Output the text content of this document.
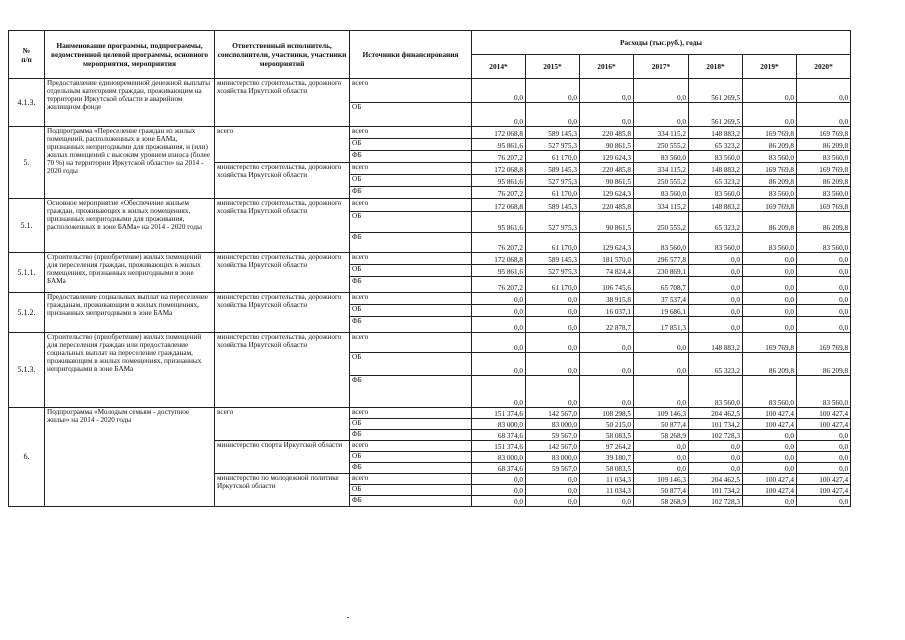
№
п/п	Наименование программы, подпрограммы, ведомственной целевой программы, основного мероприятия, мероприятия	Ответственный исполнитель, соисполнители, участники, участники мероприятий	Источники финансирования	Расходы (тыс.руб.), годы						
				2014*	2015*	2016*	2017*	2018*	2019*	2020*
4.1.3.	Предоставление единовременной денежной выплаты отдельным категориям граждан, проживающим на территории Иркутской области в аварийном жилищном фонде	министерство строительства, дорожного хозяйства Иркутской области	всего	0,0	0,0	0,0	0,0	561 269,5	0,0	0,0
			ОБ	0,0	0,0	0,0	0,0	561 269,5	0,0	0,0
5.	Подпрограмма «Переселение граждан из жилых помещений, расположенных в зоне БАМа, признанных непригодными для проживания, и (или) жилых помещений с высоким уровнем износа (более 70 %) на территории Иркутской области» на 2014 - 2020 годы	всего	всего	172 068,8	589 145,3	220 485,8	334 115,2	148 883,2	169 769,8	169 769,8
			ОБ	95 861,6	527 975,3	90 861,5	250 555,2	65 323,2	86 209,8	86 209,8
			ФБ	76 207,2	61 170,0	129 624,3	83 560,0	83 560,0	83 560,0	83 560,0
		министерство строительства, дорожного хозяйства Иркутской области	всего	172 068,8	589 145,3	220 485,8	334 115,2	148 883,2	169 769,8	169 769,8
			ОБ	95 861,6	527 975,3	90 861,5	250 555,2	65 323,2	86 209,8	86 209,8
			ФБ	76 207,2	61 170,0	129 624,3	83 560,0	83 560,0	83 560,0	83 560,0
5.1.	Основное мероприятие «Обеспечение жильем граждан, проживающих в жилых помещениях, признанных непригодными для проживания, расположенных в зоне БАМа» на 2014 - 2020 годы	министерство строительства, дорожного хозяйства Иркутской области	всего	172 068,8	589 145,3	220 485,8	334 115,2	148 883,2	169 769,8	169 769,8
			ОБ	95 861,6	527 975,3	90 861,5	250 555,2	65 323,2	86 209,8	86 209,8
			ФБ	76 207,2	61 170,0	129 624,3	83 560,0	83 560,0	83 560,0	83 560,0
5.1.1.	Строительство (приобретение) жилых помещений для переселения граждан, проживающих в жилых помещениях, признанных непригодными в зоне БАМа	министерство строительства, дорожного хозяйства Иркутской области	всего	172 068,8	589 145,3	181 570,0	296 577,8	0,0	0,0	0,0
			ОБ	95 861,6	527 975,3	74 824,4	230 869,1	0,0	0,0	0,0
			ФБ	76 207,2	61 170,0	106 745,6	65 708,7	0,0	0,0	0,0
5.1.2.	Предоставление социальных выплат на переселение гражданам, проживающим в жилых помещениях, признанных непригодными в зоне БАМа	министерство строительства, дорожного хозяйства Иркутской области	всего	0,0	0,0	38 915,8	37 537,4	0,0	0,0	0,0
			ОБ	0,0	0,0	16 037,1	19 686,1	0,0	0,0	0,0
			ФБ	0,0	0,0	22 878,7	17 851,3	0,0	0,0	0,0
5.1.3.	Строительство (приобретение) жилых помещений для переселения граждан или предоставление социальных выплат на переселение гражданам, проживающим в жилых помещениях, признанных непригодными в зоне БАМа	министерство строительства, дорожного хозяйства Иркутской области	всего	0,0	0,0	0,0	0,0	148 883,2	169 769,8	169 769,8
			ОБ	0,0	0,0	0,0	0,0	65 323,2	86 209,8	86 209,8
			ФБ	0,0	0,0	0,0	0,0	83 560,0	83 560,0	83 560,0
6.	Подпрограмма «Молодым семьям - доступное жилье» на 2014 - 2020 годы	всего	всего	151 374,6	142 567,0	108 298,5	109 146,3	204 462,5	100 427,4	100 427,4
			ОБ	83 000,0	83 000,0	50 215,0	50 877,4	101 734,2	100 427,4	100 427,4
			ФБ	68 374,6	59 567,0	58 083,5	58 268,9	102 728,3	0,0	0,0
		министерство спорта Иркутской области	всего	151 374,6	142 567,0	97 264,2	0,0	0,0	0,0	0,0
			ОБ	83 000,0	83 000,0	39 180,7	0,0	0,0	0,0	0,0
			ФБ	68 374,6	59 567,0	58 083,5	0,0	0,0	0,0	0,0
		министерство по молодежной политике Иркутской области	всего	0,0	0,0	11 034,3	109 146,3	204 462,5	100 427,4	100 427,4
			ОБ	0,0	0,0	11 034,3	50 877,4	101 734,2	100 427,4	100 427,4
			ФБ	0,0	0,0	0,0	58 268,9	102 728,3	0,0	0,0
